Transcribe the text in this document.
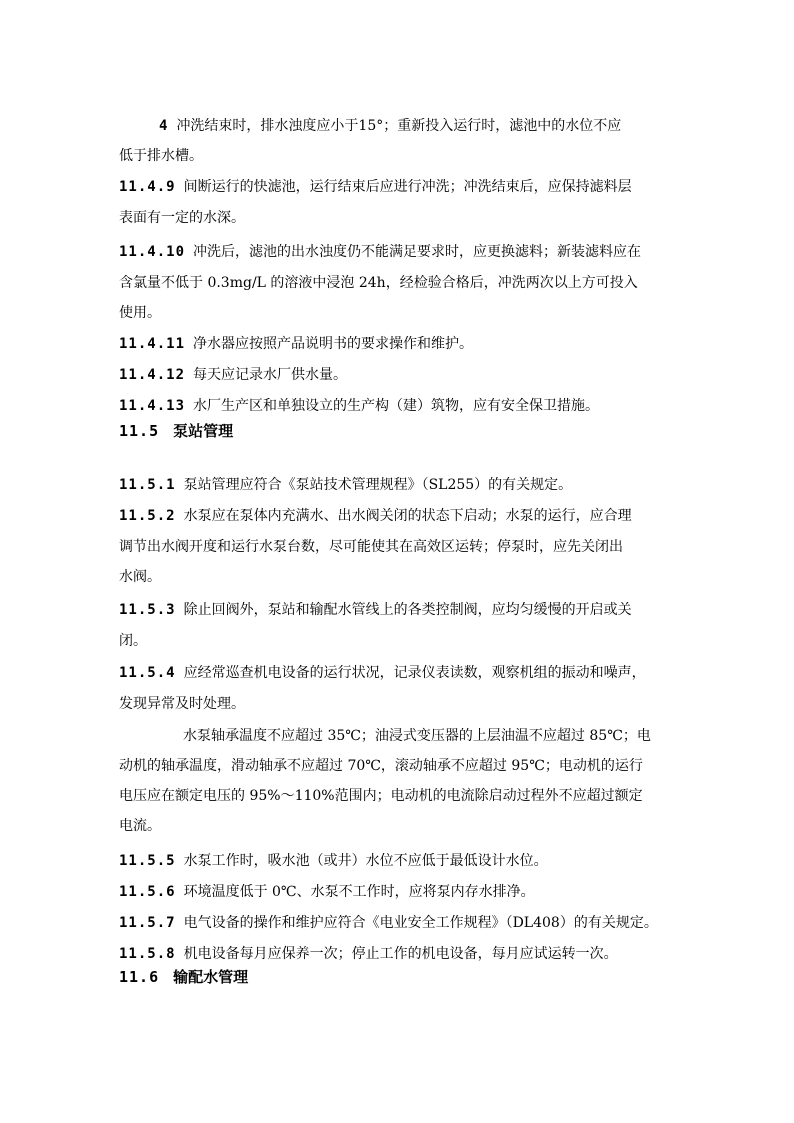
4 冲洗结束时，排水浊度应小于15°；重新投入运行时，滤池中的水位不应

低于排水槽。

11.4.9 间断运行的快滤池，运行结束后应进行冲洗；冲洗结束后，应保持滤料层

表面有一定的水深。

11.4.10 冲洗后，滤池的出水浊度仍不能满足要求时，应更换滤料；新装滤料应在

含氯量不低于 0.3mg/L 的溶液中浸泡 24h，经检验合格后，冲洗两次以上方可投入

使用。

11.4.11 净水器应按照产品说明书的要求操作和维护。

11.4.12 每天应记录水厂供水量。

11.4.13 水厂生产区和单独设立的生产构（建）筑物，应有安全保卫措施。

11.5 泵站管理

11.5.1 泵站管理应符合《泵站技术管理规程》（SL255）的有关规定。

11.5.2 水泵应在泵体内充满水、出水阀关闭的状态下启动；水泵的运行，应合理

调节出水阀开度和运行水泵台数，尽可能使其在高效区运转；停泵时，应先关闭出

水阀。

11.5.3 除止回阀外，泵站和输配水管线上的各类控制阀，应均匀缓慢的开启或关

闭。

11.5.4 应经常巡查机电设备的运行状况，记录仪表读数，观察机组的振动和噪声，

发现异常及时处理。

水泵轴承温度不应超过 35℃；油浸式变压器的上层油温不应超过 85℃；电

动机的轴承温度，滑动轴承不应超过 70℃，滚动轴承不应超过 95℃；电动机的运行

电压应在额定电压的 95%～110%范围内；电动机的电流除启动过程外不应超过额定

电流。

11.5.5 水泵工作时，吸水池（或井）水位不应低于最低设计水位。

11.5.6 环境温度低于 0℃、水泵不工作时，应将泵内存水排净。

11.5.7 电气设备的操作和维护应符合《电业安全工作规程》（DL408）的有关规定。

11.5.8 机电设备每月应保养一次；停止工作的机电设备，每月应试运转一次。

11.6 输配水管理
